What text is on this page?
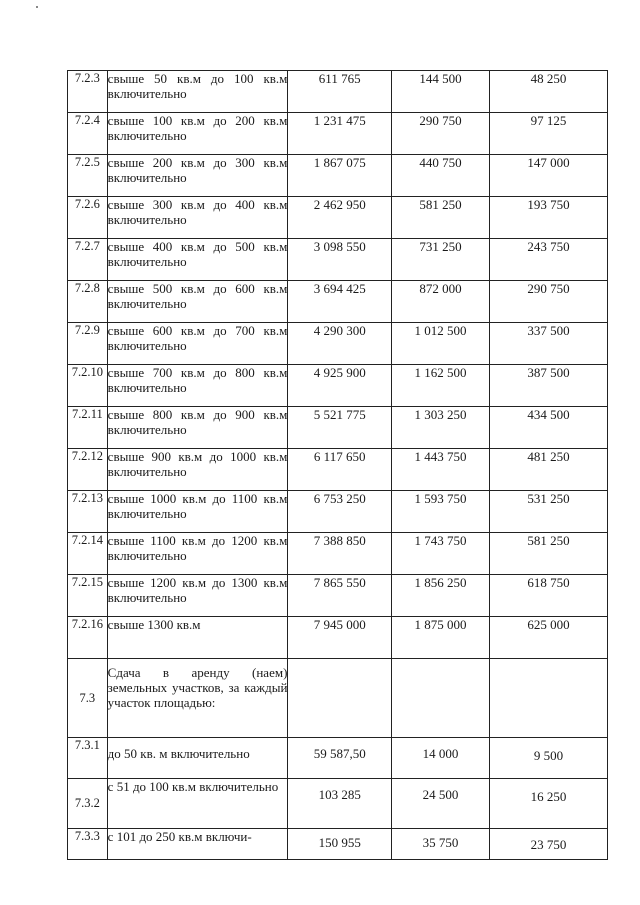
7.2.3	свыше 50 кв.м до 100 кв.м включительно	611 765	144 500	48 250
7.2.4	свыше 100 кв.м до 200 кв.м включительно	1 231 475	290 750	97 125
7.2.5	свыше 200 кв.м до 300 кв.м включительно	1 867 075	440 750	147 000
7.2.6	свыше 300 кв.м до 400 кв.м включительно	2 462 950	581 250	193 750
7.2.7	свыше 400 кв.м до 500 кв.м включительно	3 098 550	731 250	243 750
7.2.8	свыше 500 кв.м до 600 кв.м включительно	3 694 425	872 000	290 750
7.2.9	свыше 600 кв.м до 700 кв.м включительно	4 290 300	1 012 500	337 500
7.2.10	свыше 700 кв.м до 800 кв.м включительно	4 925 900	1 162 500	387 500
7.2.11	свыше 800 кв.м до 900 кв.м включительно	5 521 775	1 303 250	434 500
7.2.12	свыше 900 кв.м до 1000 кв.м включительно	6 117 650	1 443 750	481 250
7.2.13	свыше 1000 кв.м до 1100 кв.м включительно	6 753 250	1 593 750	531 250
7.2.14	свыше 1100 кв.м до 1200 кв.м включительно	7 388 850	1 743 750	581 250
7.2.15	свыше 1200 кв.м до 1300 кв.м включительно	7 865 550	1 856 250	618 750
7.2.16	свыше 1300 кв.м	7 945 000	1 875 000	625 000
7.3	Сдача в аренду (наем) земельных участков, за каждый участок площадью:			

7.3.1	до 50 кв. м включительно	59 587,50	14 000	9 500
7.3.2	с 51 до 100 кв.м включительно	103 285	24 500	16 250
7.3.3	с 101 до 250 кв.м включи-	150 955	35 750	23 750
